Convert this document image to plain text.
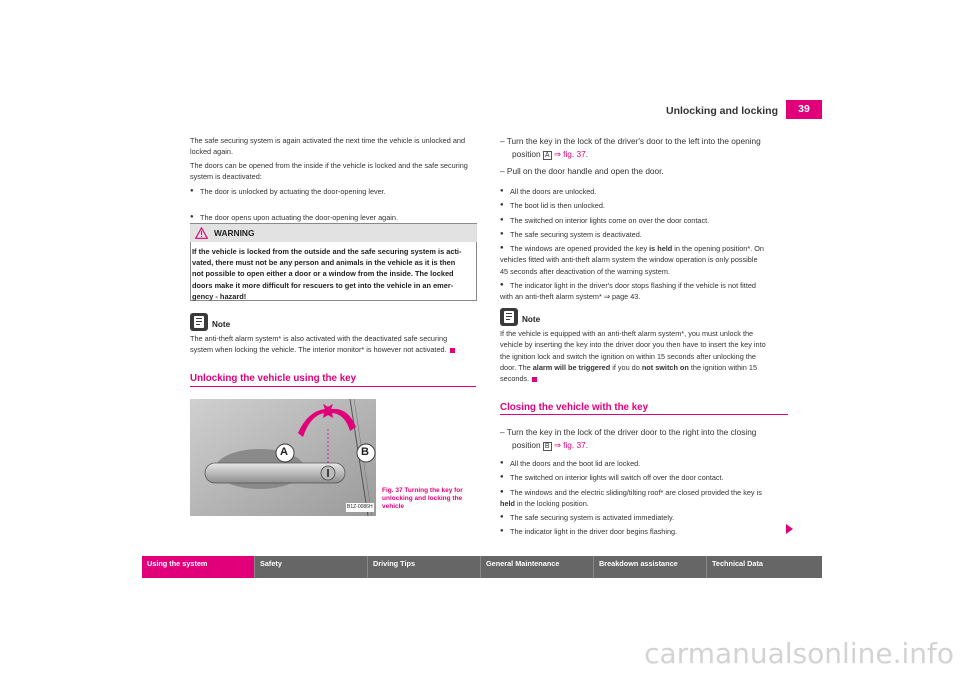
Unlocking and locking	39
The safe securing system is again activated the next time the vehicle is unlocked and locked again.
The doors can be opened from the inside if the vehicle is locked and the safe securing system is deactivated:
● The door is unlocked by actuating the door-opening lever.
● The door opens upon actuating the door-opening lever again.
WARNING
If the vehicle is locked from the outside and the safe securing system is acti-
vated, there must not be any person and animals in the vehicle as it is then
not possible to open either a door or a window from the inside. The locked
doors make it more difficult for rescuers to get into the vehicle in an emer-
gency - hazard!
Note
The anti-theft alarm system* is also activated with the deactivated safe securing
system when locking the vehicle. The interior monitor* is however not activated.
Unlocking the vehicle using the key
A	B
B1Z-0086H
Fig. 37 Turning the key for unlocking and locking the vehicle
– Turn the key in the lock of the driver's door to the left into the opening
position A ⇒ fig. 37.
– Pull on the door handle and open the door.
● All the doors are unlocked.
● The boot lid is then unlocked.
● The switched on interior lights come on over the door contact.
● The safe securing system is deactivated.
● ● The windows are opened provided the key is held in the opening position*. On
vehicles fitted with anti-theft alarm system the window operation is only possible
45 seconds after deactivation of the warning system.
● ● The indicator light in the driver's door stops flashing if the vehicle is not fitted
with an anti-theft alarm system* ⇒ page 43.
Note
If the vehicle is equipped with an anti-theft alarm system*, you must unlock the
vehicle by inserting the key into the driver door you then have to insert the key into
the ignition lock and switch the ignition on within 15 seconds after unlocking the
door. The alarm will be triggered if you do not switch on the ignition within 15
seconds.
Closing the vehicle with the key
– Turn the key in the lock of the driver door to the right into the closing
position B ⇒ fig. 37.
● All the doors and the boot lid are locked.
● The switched on interior lights will switch off over the door contact.
● ● The windows and the electric sliding/tilting roof* are closed provided the key is
held in the locking position.
● The safe securing system is activated immediately.
● The indicator light in the driver door begins flashing.
Using the system	Safety	Driving Tips	General Maintenance	Breakdown assistance	Technical Data
carmanualsonline.info
